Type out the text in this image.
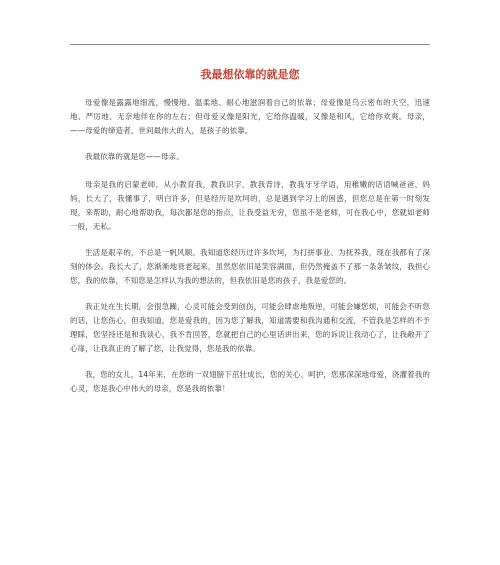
我最想依靠的就是您

母爱像是露露地细流，慢慢地、温柔地、耐心地滋润着自己的依靠；母爱像是乌云密布的天空，迅速地、严厉地、无奈地伴在你的左右；但母爱又像是阳光，它给你温暖，又像是和风，它给你欢爽。母亲，——母爱的缔造者，世间最伟大的人，是孩子的依靠。

我最依靠的就是您——母亲。

母亲是我的启蒙老师，从小教育我，教我识字，教我背诗，教我牙牙学语，用稚嫩的话语喊爸爸、妈妈，长大了，我懂事了，明白许多，但是经历是坎坷的，总是遇到学习上的困惑，但您总是在第一时刻发现，来帮助，耐心地帮助我，每次都是您的指点，让我受益无穷，您虽不是老师，可在我心中，您就如老师一般，无私。

生活是艰辛的，不总是一帆风顺。我知道您经历过许多坎坷，为打拼事业、为抚养我，现在我都有了深刻的体会。我长大了，您渐渐地衰老起来，虽然您依旧是笑容满面，但仍然掩盖不了那一条条皱纹，我担心您，我的依靠，不知您是怎样认为我的想法的，但我依旧是您的孩子，我是爱您的。

我正处在生长期，会很急躁，心灵可能会受到创伤，可能会肆虐地叛逆，可能会嫌您烦，可能会不听您的话，让您伤心，但我知道，您是爱我的，因为您了解我，知道需要和我沟通和交流，不管我是怎样的不予理睬，您坚持还是和我谈心，我不肯回答，您就把自己的心里话讲出来，您的诉说让我动心了，让我敞开了心扉，让我真正的了解了您，让我觉得，您是我的依靠。

我，您的女儿，14年来，在您的一双翅膀下茁壮成长，您的关心、呵护，您那深深地母爱，浇灌着我的心灵，您是我心中伟大的母亲，您是我的依靠！
